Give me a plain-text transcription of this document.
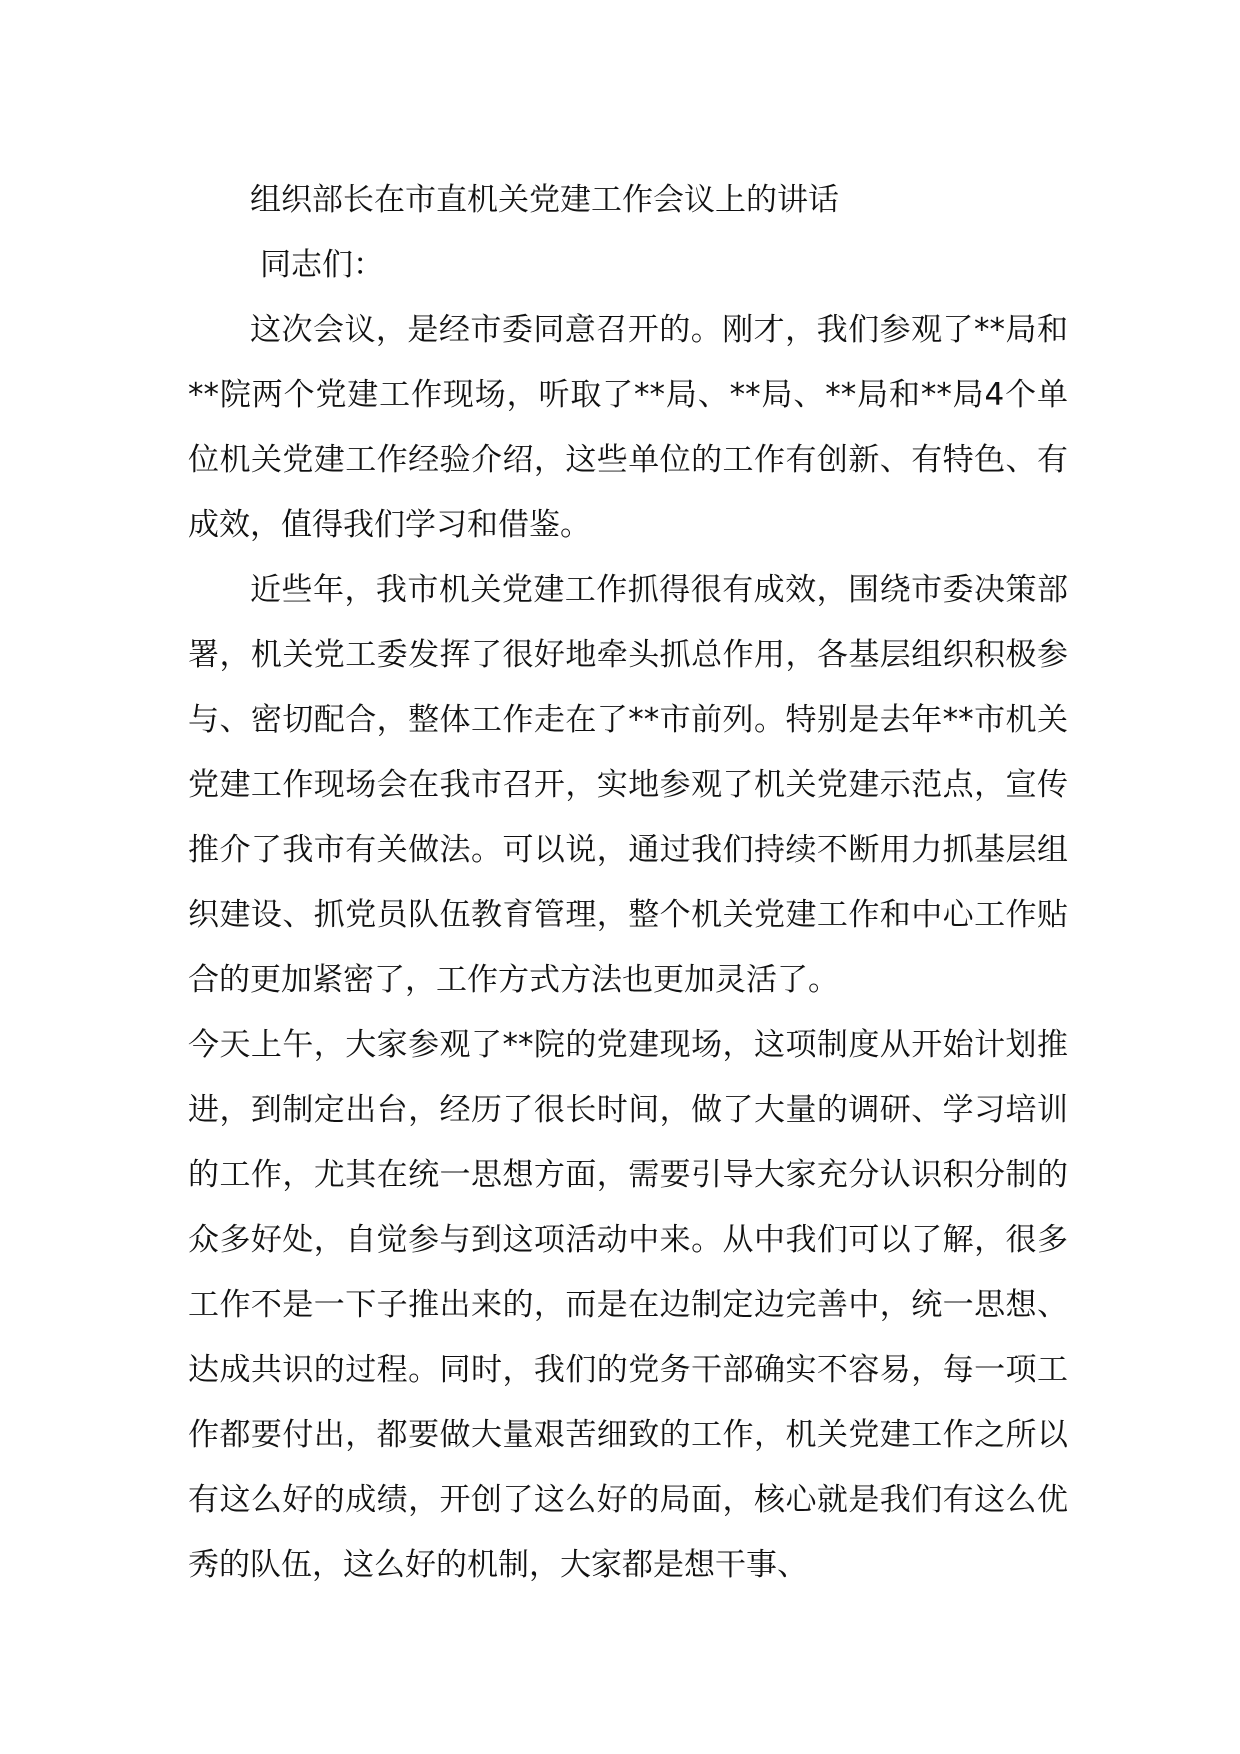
组织部长在市直机关党建工作会议上的讲话

同志们：

这次会议，是经市委同意召开的。刚才，我们参观了**局和**院两个党建工作现场，听取了**局、**局、**局和**局4个单位机关党建工作经验介绍，这些单位的工作有创新、有特色、有成效，值得我们学习和借鉴。

近些年，我市机关党建工作抓得很有成效，围绕市委决策部署，机关党工委发挥了很好地牵头抓总作用，各基层组织积极参与、密切配合，整体工作走在了**市前列。特别是去年**市机关党建工作现场会在我市召开，实地参观了机关党建示范点，宣传推介了我市有关做法。可以说，通过我们持续不断用力抓基层组织建设、抓党员队伍教育管理，整个机关党建工作和中心工作贴合的更加紧密了，工作方式方法也更加灵活了。

今天上午，大家参观了**院的党建现场，这项制度从开始计划推进，到制定出台，经历了很长时间，做了大量的调研、学习培训的工作，尤其在统一思想方面，需要引导大家充分认识积分制的众多好处，自觉参与到这项活动中来。从中我们可以了解，很多工作不是一下子推出来的，而是在边制定边完善中，统一思想、达成共识的过程。同时，我们的党务干部确实不容易，每一项工作都要付出，都要做大量艰苦细致的工作，机关党建工作之所以有这么好的成绩，开创了这么好的局面，核心就是我们有这么优秀的队伍，这么好的机制，大家都是想干事、
